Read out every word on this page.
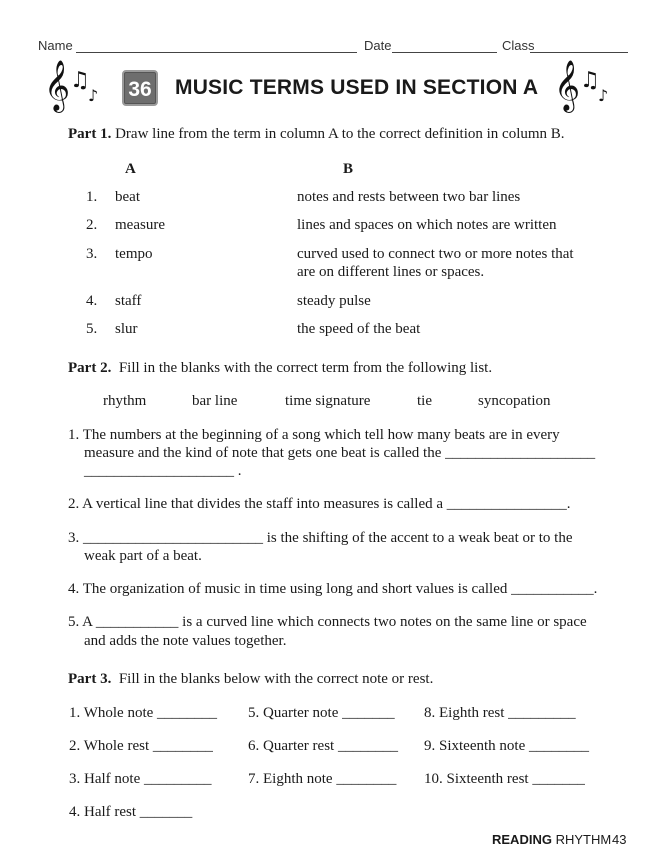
Name	Date	Class
𝄞 ♫
♪	36	MUSIC TERMS USED IN SECTION A 𝄞 ♫
♪
Part 1. Draw line from the term in column A to the correct definition in column B.
A	B
1. beat	notes and rests between two bar lines
2. measure	lines and spaces on which notes are written
3. tempo	curved used to connect two or more notes that
are on different lines or spaces.
4. staff	steady pulse
5. slur	the speed of the beat
Part 2. Fill in the blanks with the correct term from the following list.
rhythm	bar line	time signature	tie	syncopation
1. The numbers at the beginning of a song which tell how many beats are in every
measure and the kind of note that gets one beat is called the ____________________
____________________ .
2. A vertical line that divides the staff into measures is called a ________________.
3. ________________________ is the shifting of the accent to a weak beat or to the
weak part of a beat.
4. The organization of music in time using long and short values is called ___________.
5. A ___________ is a curved line which connects two notes on the same line or space
and adds the note values together.
Part 3. Fill in the blanks below with the correct note or rest.
1. Whole note ________ 5. Quarter note _______ 8. Eighth rest _________
2. Whole rest ________ 6. Quarter rest ________ 9. Sixteenth note ________
3. Half note _________ 7. Eighth note ________ 10. Sixteenth rest _______
4. Half rest _______
READING RHYTHM 43
